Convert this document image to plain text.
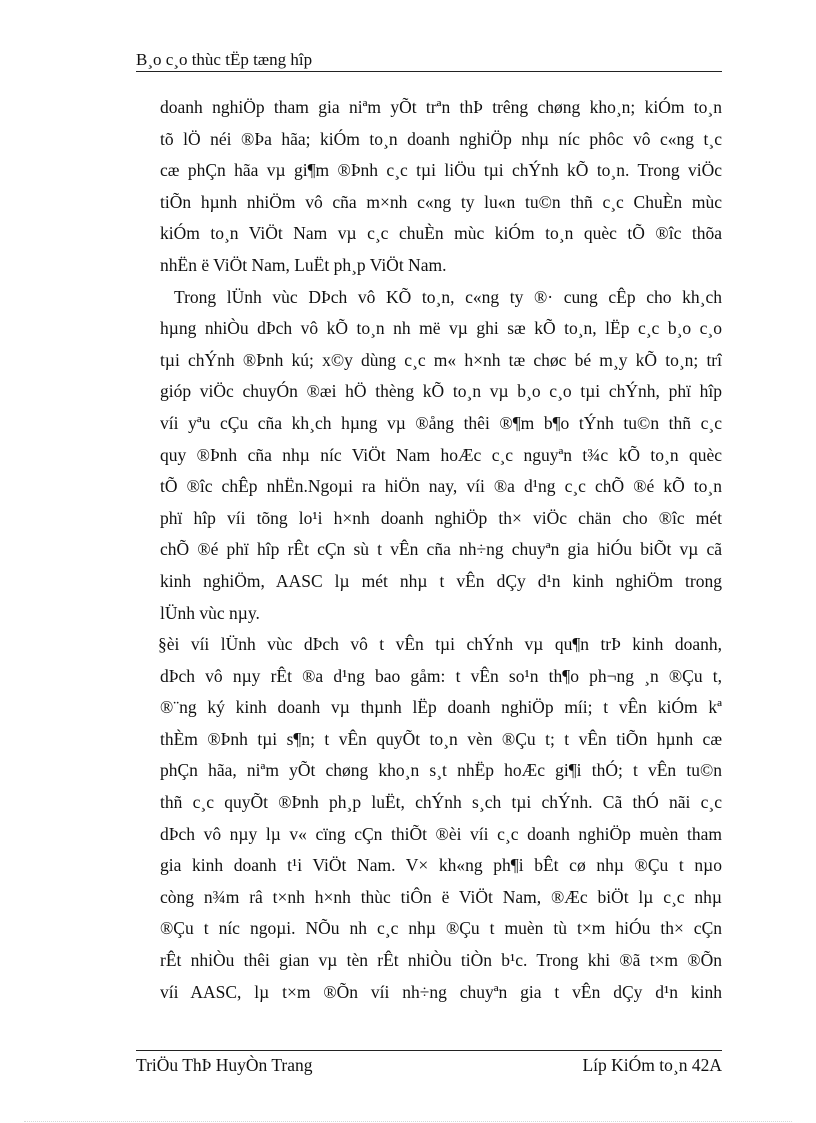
B¸o c¸o thùc tËp tæng hîp
doanh nghiÖp tham gia niªm yÕt trªn thÞ trêng chøng kho¸n; kiÓm to¸n
tõ lÖ néi ®Þa hãa; kiÓm to¸n doanh nghiÖp nhµ níc phôc vô c«ng t¸c
cæ phÇn hãa vµ gi¶m ®Þnh c¸c tµi liÖu tµi chÝnh kÕ to¸n. Trong viÖc
tiÕn hµnh nhiÖm vô cña m×nh c«ng ty lu«n tu©n thñ c¸c ChuÈn mùc
kiÓm to¸n ViÖt Nam vµ c¸c chuÈn mùc kiÓm to¸n quèc tÕ ®îc thõa
nhËn ë ViÖt Nam, LuËt ph¸p ViÖt Nam.
Trong lÜnh vùc DÞch vô KÕ to¸n, c«ng ty ®· cung cÊp cho kh¸ch
hµng nhiÒu dÞch vô kÕ to¸n nh më vµ ghi sæ kÕ to¸n, lËp c¸c b¸o c¸o
tµi chÝnh ®Þnh kú; x©y dùng c¸c m« h×nh tæ chøc bé m¸y kÕ to¸n; trî
gióp viÖc chuyÓn ®æi hÖ thèng kÕ to¸n vµ b¸o c¸o tµi chÝnh, phï hîp
víi yªu cÇu cña kh¸ch hµng vµ ®ång thêi ®¶m b¶o tÝnh tu©n thñ c¸c
quy ®Þnh cña nhµ níc ViÖt Nam hoÆc c¸c nguyªn t¾c kÕ to¸n quèc
tÕ ®îc chÊp nhËn.Ngoµi ra hiÖn nay, víi ®a d¹ng c¸c chÕ ®é kÕ to¸n
phï hîp víi tõng lo¹i h×nh doanh nghiÖp th× viÖc chän cho ®îc mét
chÕ ®é phï hîp rÊt cÇn sù t vÊn cña nh÷ng chuyªn gia hiÓu biÕt vµ cã
kinh nghiÖm, AASC lµ mét nhµ t vÊn dÇy d¹n kinh nghiÖm trong
lÜnh vùc nµy.
§èi víi lÜnh vùc dÞch vô t vÊn tµi chÝnh vµ qu¶n trÞ kinh doanh,
dÞch vô nµy rÊt ®a d¹ng bao gåm: t vÊn so¹n th¶o ph¬ng ¸n ®Çu t,
®¨ng ký kinh doanh vµ thµnh lËp doanh nghiÖp míi; t vÊn kiÓm kª
thÈm ®Þnh tµi s¶n; t vÊn quyÕt to¸n vèn ®Çu t; t vÊn tiÕn hµnh cæ
phÇn hãa, niªm yÕt chøng kho¸n s¸t nhËp hoÆc gi¶i thÓ; t vÊn tu©n
thñ c¸c quyÕt ®Þnh ph¸p luËt, chÝnh s¸ch tµi chÝnh. Cã thÓ nãi c¸c
dÞch vô nµy lµ v« cïng cÇn thiÕt ®èi víi c¸c doanh nghiÖp muèn tham
gia kinh doanh t¹i ViÖt Nam. V× kh«ng ph¶i bÊt cø nhµ ®Çu t nµo
còng n¾m râ t×nh h×nh thùc tiÔn ë ViÖt Nam, ®Æc biÖt lµ c¸c nhµ
®Çu t níc ngoµi. NÕu nh c¸c nhµ ®Çu t muèn tù t×m hiÓu th× cÇn
rÊt nhiÒu thêi gian vµ tèn rÊt nhiÒu tiÒn b¹c. Trong khi ®ã t×m ®Õn
víi AASC, lµ t×m ®Õn víi nh÷ng chuyªn gia t vÊn dÇy d¹n kinh
TriÖu ThÞ HuyÒn Trang	Líp KiÓm to¸n 42A
